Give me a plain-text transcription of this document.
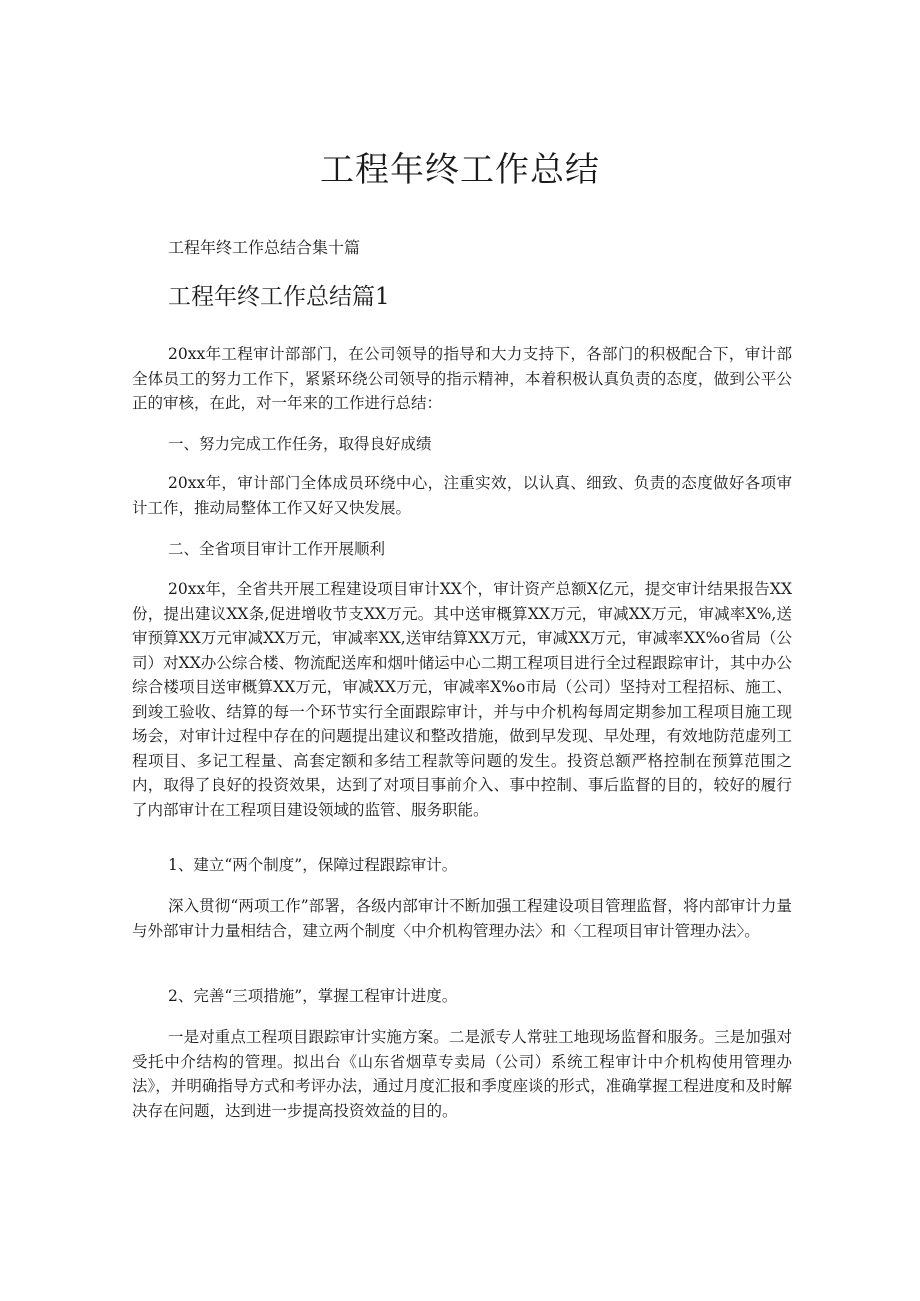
工程年终工作总结

工程年终工作总结合集十篇

工程年终工作总结篇1

20xx年工程审计部部门，在公司领导的指导和大力支持下，各部门的积极配合下，审计部全体员工的努力工作下，紧紧环绕公司领导的指示精神，本着积极认真负责的态度，做到公平公正的审核，在此，对一年来的工作进行总结：

一、努力完成工作任务，取得良好成绩

20xx年，审计部门全体成员环绕中心，注重实效，以认真、细致、负责的态度做好各项审计工作，推动局整体工作又好又快发展。

二、全省项目审计工作开展顺利

20xx年，全省共开展工程建设项目审计XX个，审计资产总额X亿元，提交审计结果报告XX份，提出建议XX条,促进增收节支XX万元。其中送审概算XX万元，审减XX万元，审减率X%,送审预算XX万元审减XX万元，审减率XX,送审结算XX万元，审减XX万元，审减率XX%o省局（公司）对XX办公综合楼、物流配送库和烟叶储运中心二期工程项目进行全过程跟踪审计，其中办公综合楼项目送审概算XX万元，审减XX万元，审减率X%o市局（公司）坚持对工程招标、施工、到竣工验收、结算的每一个环节实行全面跟踪审计，并与中介机构每周定期参加工程项目施工现场会，对审计过程中存在的问题提出建议和整改措施，做到早发现、早处理，有效地防范虚列工程项目、多记工程量、高套定额和多结工程款等问题的发生。投资总额严格控制在预算范围之内，取得了良好的投资效果，达到了对项目事前介入、事中控制、事后监督的目的，较好的履行了内部审计在工程项目建设领域的监管、服务职能。

1、建立“两个制度”，保障过程跟踪审计。

深入贯彻“两项工作”部署，各级内部审计不断加强工程建设项目管理监督，将内部审计力量与外部审计力量相结合，建立两个制度〈中介机构管理办法〉和〈工程项目审计管理办法〉。

2、完善“三项措施”，掌握工程审计进度。

一是对重点工程项目跟踪审计实施方案。二是派专人常驻工地现场监督和服务。三是加强对受托中介结构的管理。拟出台《山东省烟草专卖局（公司）系统工程审计中介机构使用管理办法》，并明确指导方式和考评办法，通过月度汇报和季度座谈的形式，准确掌握工程进度和及时解决存在问题，达到进一步提高投资效益的目的。
